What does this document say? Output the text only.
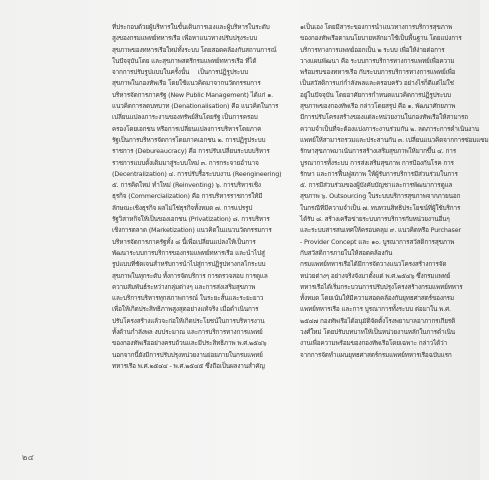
ที่ประกอบด้วยผู้บริหารในขั้นเดินการเองและผู้บริหารในระดับ
สูงของกรมแพทย์ทหารเรือ เพื่อหาแนวทางปรับปรุงระบบ
สุขภาพของทหารเรือใหม่ทั้งระบบ โดยสอดคล้องกับสถานการณ์
ในปัจจุบันโดย และสุขภาพสตรีกรมแพทย์ทหารเรือ ที่ได้
จากการปรับรูปแบบในครั้งนั้น เป็นการปฏิรูประบบ
สุขภาพในกองทัพเรือ โดยใช้แนวคิดมาจากนวัตกรรมการ
บริหารจัดการภาครัฐ (New Public Management) ได้แก่ ๑.
แนวคิดการลดบทบาท (Denationalisation) คือ แนวคิดในการ
เปลี่ยนแปลงภาระงานของทรัพย์สินโดยรัฐ เป็นการครอบ
ครองโดยเอกชน หรือการเปลี่ยนแปลงการบริหารโดยภาค
รัฐเป็นการบริหารจัดการโดยภาคเอกชน ๒. การปฏิรูประบบ
ราชการ (Debureaucracy) คือ การปรับเปลี่ยนระบบบริหาร
ราชการแบบดั้งเดิมมาสู่ระบบใหม่ ๓. การกระจายอำนาจ
(Decentralization) ๔. การปรับรื้อระบบงาน (Reengineering)
๕. การคิดใหม่ ทำใหม่ (Reinventing) ๖. การบริหารเชิง
ธุรกิจ (Commercialization) คือ การบริหารราชการให้มี
ลักษณะเชิงธุรกิจ ผลไม่ใช่ธุรกิจทั้งหมด ๗. การแปรรูป
รัฐวิสาหกิจให้เป็นของเอกชน (Privatization) ๘. การบริหาร
เชิงการตลาด (Marketization) แนวคิดในแนวนวัตกรรมการ
บริหารจัดการภาครัฐทั้ง ๘ นี้เพื่อเปลี่ยนแปลงให้เป็นการ
พัฒนาระบบการบริการของกรมแพทย์ทหารเรือ และนำไปสู่
รูปแบบที่ชัดเจนสำหรับการนำไปสู่การปฏิรูปทางกลไกระบบ
สุขภาพในทุกระดับ ทั้งการจัดบริการ การตรวจสอบ การดูแล
ความสัมพันธ์ระหว่างกลุ่มต่างๆ และการส่งเสริมสุขภาพ
และบริการบริหารทุกสภาพการณ์ ในระยะสั้นและระยะยาว
เพื่อให้เกิดประสิทธิภาพสูงสุดอย่างแท้จริง เมื่อดำเนินการ
ปรับโครงสร้างแล้วจะก่อให้เกิดประโยชน์ในการบริหารงาน
ทั้งด้านกำลังพล งบประมาณ และการบริการทางการแพทย์
ของกองทัพเรืออย่างครบถ้วนและมีประสิทธิภาพ พ.ศ.๒๕๔๖
นอกจากนี้ยังมีการปรับปรุงหน่วยงานย่อยภายในกรมแพทย์
ทหารเรือ พ.ศ.๒๕๔๔ - พ.ศ.๒๕๔๕ ซึ่งถือเป็นผลงานสำคัญ
๑เป็นเอง โดยมีสาระของการนำแนวทางการบริการสุขภาพ
ของกองทัพเรือตามนโยบายหลักมาใช้เป็นพื้นฐาน โดยแบ่งการ
บริการทางการแพทย์ออกเป็น ๒ ระบบ เพื่อให้ง่ายต่อการ
วางแผนพัฒนา คือ ระบบการบริการทางการแพทย์เพื่อความ
พร้อมรบของทหารเรือ กับระบบการบริการทางการแพทย์เพื่อ
เป็นสวัสดิการแก่กำลังพลและครอบครัว อย่างไรก็ดีแต่ไม่ใช่
อยู่ในปัจจุบัน โดยอาศัยการกำหนดแนวคิดการปฏิรูประบบ
สุขภาพของกองทัพเรือ กล่าวโดยสรุป คือ ๑. พัฒนาศักยภาพ
มีการปรับโครงสร้างของแต่ละหน่วยงานในกองทัพเรือให้สามารถ
ความจำเป็นที่จะต้องแบ่งภาระงานร่วมกัน ๒. ลดภาระการดำเนินงาน
แพทย์ให้สามารถรวมและประสานกัน ๓. เปลี่ยนแนวคิดจากการซ่อมแซม
รักษาสุขภาพมาเน้นการสร้างเสริมสุขภาพให้มากขึ้น ๔. การ
บูรณาการทั้งระบบ การส่งเสริมสุขภาพ การป้องกันโรค การ
รักษา และการฟื้นฟูสภาพ ให้ผู้รับการบริการมีส่วนร่วมในการ
๕. การมีส่วนร่วมของผู้บังคับบัญชาและการพัฒนาการดูแล
สุขภาพ ๖. Outsourcing ในระบบบริการสุขภาพจากภายนอก
ในกรณีที่มีความจำเป็น ๗. ทบทวนสิทธิประโยชน์ที่ผู้ใช้บริการ
ได้รับ ๘. สร้างเครือข่ายระบบการบริการกับหน่วยงานอื่นๆ
และระบบสารสนเทศให้ครอบคลุม ๙. แนวคิดหรือ Purchaser
- Provider Concept และ ๑๐. บูรณาการสวัสดิการสุขภาพ
กับสวัสดิการภายในให้สอดคล้องกัน
กรมแพทย์ทหารเรือได้มีการจัดวางแนวโครงสร้างการจัด
หน่วยต่างๆ อย่างจริงจังมาตั้งแต่ พ.ศ.๒๕๔๖ ซึ่งกรมแพทย์
ทหารเรือได้เริ่มกระบวนการปรับปรุงโครงสร้างกรมแพทย์ทหาร
ทั้งหมด โดยเน้นให้มีความสอดคล้องกับยุทธศาสตร์ของกรม
แพทย์ทหารเรือ และการ บูรณาการทั้งระบบ ต่อมาใน พ.ศ.
๒๕๔๗ กองทัพเรือได้อนุมัติจัดตั้งโรงพยาบาลอาภากรเกียรติ
วงศ์ใหม่ โดยปรับบทบาทให้เป็นหน่วยงานหลักในการดำเนิน
งานเพื่อความพร้อมของกองทัพเรือโดยเฉพาะ กล่าวได้ว่า
จากการจัดทำแผนยุทธศาสตร์กรมแพทย์ทหารเรือฉบับแรก
๒๔
